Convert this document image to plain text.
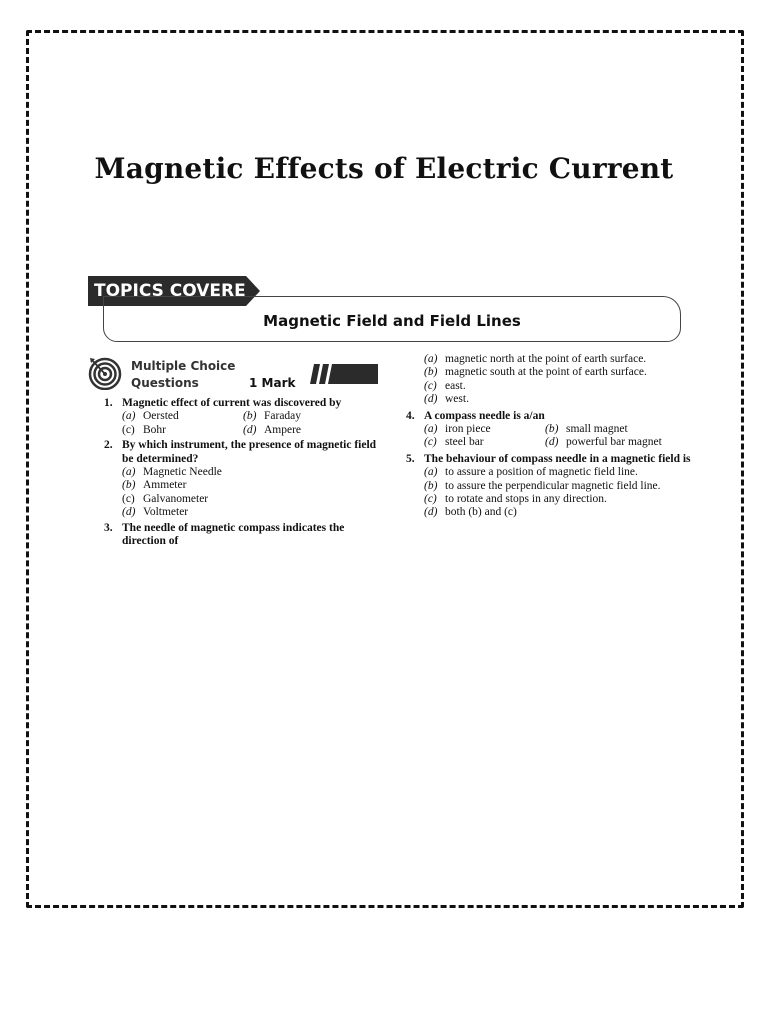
Magnetic Effects of Electric Current
TOPICS COVERED
Magnetic Field and Field Lines
Multiple Choice
Questions	1 Mark
1. Magnetic effect of current was discovered by
(a) Oersted	(b) Faraday
(c) Bohr	(d) Ampere
2. By which instrument, the presence of magnetic field be determined?
(a) Magnetic Needle
(b) Ammeter
(c) Galvanometer
(d) Voltmeter
3. The needle of magnetic compass indicates the direction of
(a) magnetic north at the point of earth surface.
(b) magnetic south at the point of earth surface.
(c) east.
(d) west.
4. A compass needle is a/an
(a) iron piece	(b) small magnet
(c) steel bar	(d) powerful bar magnet
5. The behaviour of compass needle in a magnetic field is
(a) to assure a position of magnetic field line.
(b) to assure the perpendicular magnetic field line.
(c) to rotate and stops in any direction.
(d) both (b) and (c)
